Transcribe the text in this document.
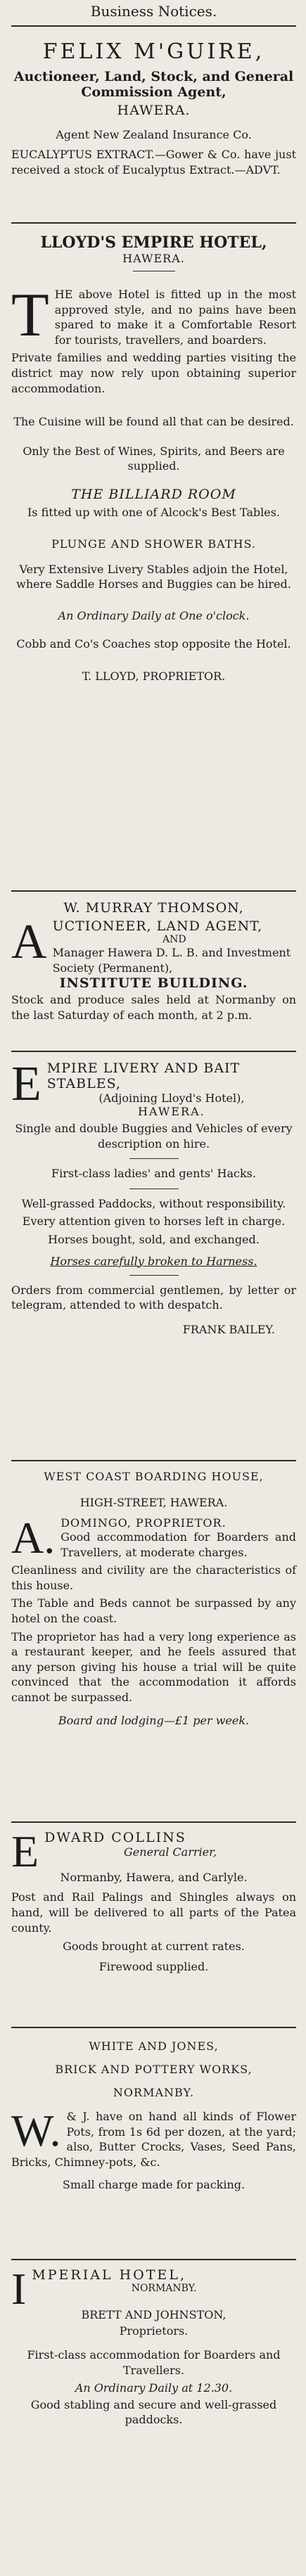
Business Notices.
FELIX M'GUIRE,
Auctioneer, Land, Stock, and General
Commission Agent,
HAWERA.
Agent New Zealand Insurance Co.
EUCALYPTUS EXTRACT.—Gower & Co. have just received a stock of Eucalyptus Extract.—ADVT.
LLOYD'S EMPIRE HOTEL,
HAWERA.
THE above Hotel is fitted up in the most approved style, and no pains have been spared to make it a Comfortable Resort for tourists, travellers, and boarders.
Private families and wedding parties visiting the district may now rely upon obtaining superior accommodation.
The Cuisine will be found all that can be desired.
Only the Best of Wines, Spirits, and Beers are supplied.
THE BILLIARD ROOM
Is fitted up with one of Alcock's Best Tables.
PLUNGE AND SHOWER BATHS.
Very Extensive Livery Stables adjoin the Hotel, where Saddle Horses and Buggies can be hired.
An Ordinary Daily at One o'clock.
Cobb and Co's Coaches stop opposite the Hotel.
T. LLOYD, PROPRIETOR.
W. MURRAY THOMSON,
A UCTIONEER, LAND AGENT,
AND
Manager Hawera D. L. B. and Investment Society (Permanent),
INSTITUTE BUILDING.
Stock and produce sales held at Normanby on the last Saturday of each month, at 2 p.m.
E MPIRE LIVERY AND BAIT STABLES,
(Adjoining Lloyd's Hotel),
HAWERA.
Single and double Buggies and Vehicles of every description on hire.
First-class ladies' and gents' Hacks.
Well-grassed Paddocks, without responsibility.
Every attention given to horses left in charge.
Horses bought, sold, and exchanged.
Horses carefully broken to Harness.
Orders from commercial gentlemen, by letter or telegram, attended to with despatch.
FRANK BAILEY.
WEST COAST BOARDING HOUSE,
HIGH-STREET, HAWERA.
A. DOMINGO, PROPRIETOR.
Good accommodation for Boarders and Travellers, at moderate charges.
Cleanliness and civility are the characteristics of this house.
The Table and Beds cannot be surpassed by any hotel on the coast.
The proprietor has had a very long experience as a restaurant keeper, and he feels assured that any person giving his house a trial will be quite convinced that the accommodation it affords cannot be surpassed.
Board and lodging—£1 per week.
E DWARD COLLINS
General Carrier,
Normanby, Hawera, and Carlyle.
Post and Rail Palings and Shingles always on hand, will be delivered to all parts of the Patea county.
Goods brought at current rates.
Firewood supplied.
WHITE AND JONES,
BRICK AND POTTERY WORKS,
NORMANBY.
W. & J. have on hand all kinds of Flower Pots, from 1s 6d per dozen, at the yard; also, Butter Crocks, Vases, Seed Pans, Bricks, Chimney-pots, &c.
Small charge made for packing.
I MPERIAL HOTEL,
NORMANBY.
BRETT AND JOHNSTON,
Proprietors.
First-class accommodation for Boarders and Travellers.
An Ordinary Daily at 12.30.
Good stabling and secure and well-grassed paddocks.
